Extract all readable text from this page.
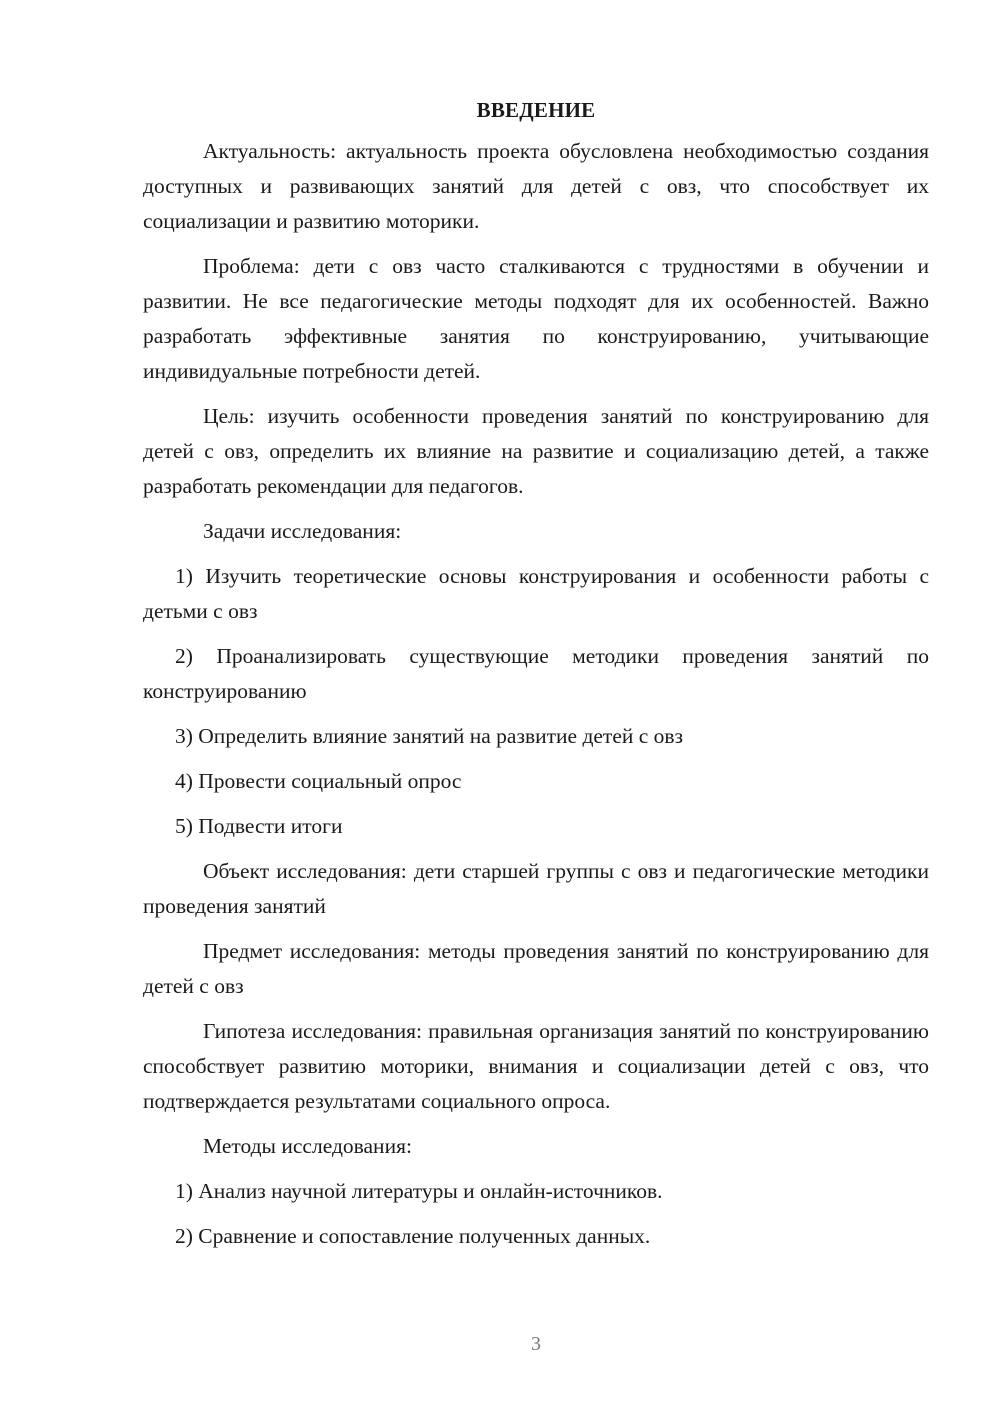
ВВЕДЕНИЕ

Актуальность: актуальность проекта обусловлена необходимостью создания доступных и развивающих занятий для детей с овз, что способствует их социализации и развитию моторики.

Проблема: дети с овз часто сталкиваются с трудностями в обучении и развитии. Не все педагогические методы подходят для их особенностей. Важно разработать эффективные занятия по конструированию, учитывающие индивидуальные потребности детей.

Цель: изучить особенности проведения занятий по конструированию для детей с овз, определить их влияние на развитие и социализацию детей, а также разработать рекомендации для педагогов.

Задачи исследования:

1) Изучить теоретические основы конструирования и особенности работы с детьми с овз

2) Проанализировать существующие методики проведения занятий по конструированию

3) Определить влияние занятий на развитие детей с овз

4) Провести социальный опрос

5) Подвести итоги

Объект исследования: дети старшей группы с овз и педагогические методики проведения занятий

Предмет исследования: методы проведения занятий по конструированию для детей с овз

Гипотеза исследования: правильная организация занятий по конструированию способствует развитию моторики, внимания и социализации детей с овз, что подтверждается результатами социального опроса.

Методы исследования:

1) Анализ научной литературы и онлайн-источников.

2) Сравнение и сопоставление полученных данных.

3
